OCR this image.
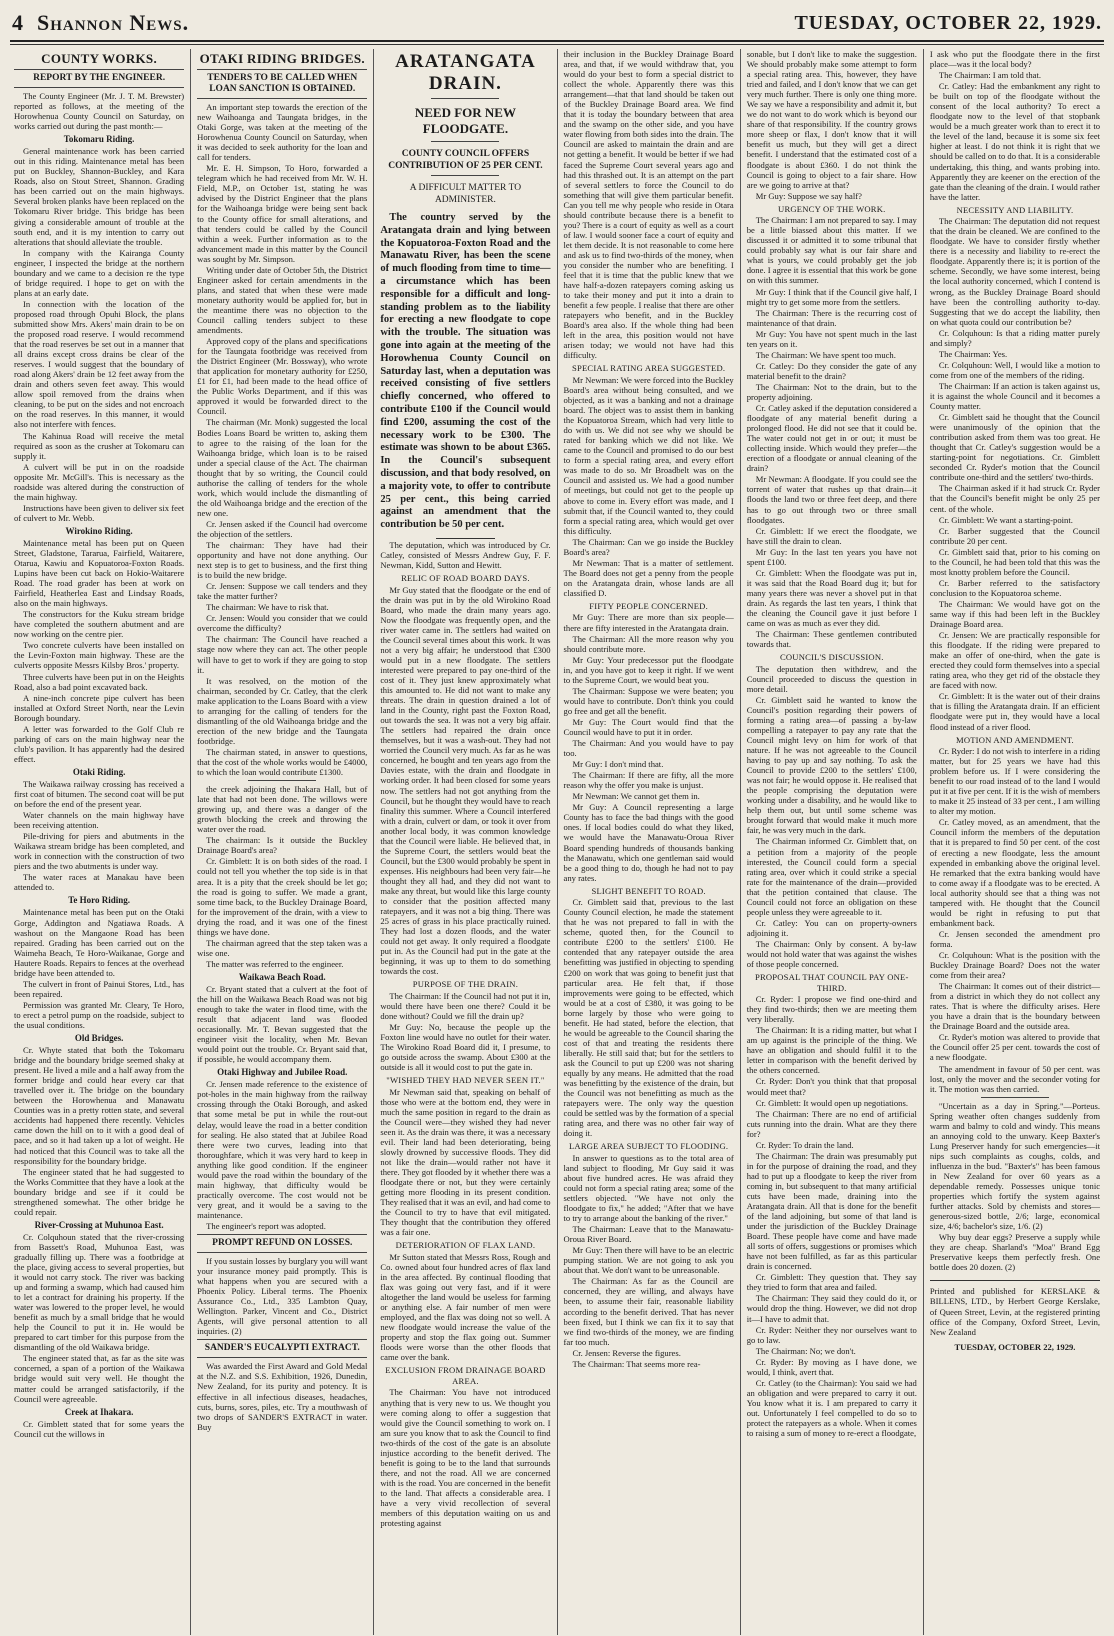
4 Shannon News.	TUESDAY, OCTOBER 22, 1929.
COUNTY WORKS.
REPORT BY THE ENGINEER.

The County Engineer (Mr. J. T. M. Brewster) reported as follows, at the meeting of the Horowhenua County Council on Saturday, on works carried out during the past month:—

Tokomaru Riding.

General maintenance work has been carried out in this riding. Maintenance metal has been put on Buckley, Shannon-Buckley, and Kara Roads, also on Stout Street, Shannon. Grading has been carried out on the main highways. Several broken planks have been replaced on the Tokomaru River bridge. This bridge has been giving a considerable amount of trouble at the south end, and it is my intention to carry out alterations that should alleviate the trouble.

In company with the Kairanga County engineer, I inspected the bridge at the northern boundary and we came to a decision re the type of bridge required. I hope to get on with the plans at an early date.

In connection with the location of the proposed road through Opuhi Block, the plans submitted show Mrs. Akers' main drain to be on the proposed road reserve. I would recommend that the road reserves be set out in a manner that all drains except cross drains be clear of the reserves. I would suggest that the boundary of road along Akers' drain be 12 feet away from the drain and others seven feet away. This would allow spoil removed from the drains when cleaning, to be put on the sides and not encroach on the road reserves. In this manner, it would also not interfere with fences.

The Kahinua Road will receive the metal required as soon as the crusher at Tokomaru can supply it.

A culvert will be put in on the roadside opposite Mr. McGill's. This is necessary as the roadside was altered during the construction of the main highway.

Instructions have been given to deliver six feet of culvert to Mr. Webb.

Wirokino Riding.

Maintenance metal has been put on Queen Street, Gladstone, Tararua, Fairfield, Waitarere, Otarua, Kawiu and Kopuatoroa-Foxton Roads. Lupins have been cut back on Hokio-Waitarere Road. The road grader has been at work on Fairfield, Heatherlea East and Lindsay Roads, also on the main highways.

The constructors for the Kuku stream bridge have completed the southern abutment and are now working on the centre pier.

Two concrete culverts have been installed on the Levin-Foxton main highway. These are the culverts opposite Messrs Kilsby Bros.' property.

Three culverts have been put in on the Heights Road, also a bad point excavated back.

A nine-inch concrete pipe culvert has been installed at Oxford Street North, near the Levin Borough boundary.

A letter was forwarded to the Golf Club re parking of cars on the main highway near the club's pavilion. It has apparently had the desired effect.

Otaki Riding.

The Waikawa railway crossing has received a first coat of bitumen. The second coat will be put on before the end of the present year.

Water channels on the main highway have been receiving attention.

Pile-driving for piers and abutments in the Waikawa stream bridge has been completed, and work in connection with the construction of two piers and the two abutments is under way.

The water races at Manakau have been attended to.

Te Horo Riding.

Maintenance metal has been put on the Otaki Gorge, Addington and Ngatiawa Roads. A washout on the Mangaone Road has been repaired. Grading has been carried out on the Waimeha Beach, Te Horo-Waikanae, Gorge and Hautere Roads. Repairs to fences at the overhead bridge have been attended to.

The culvert in front of Painui Stores, Ltd., has been repaired.

Permission was granted Mr. Cleary, Te Horo, to erect a petrol pump on the roadside, subject to the usual conditions.

Old Bridges.

Cr. Whyte stated that both the Tokomaru bridge and the boundary bridge seemed shaky at present. He lived a mile and a half away from the former bridge and could hear every car that travelled over it. The bridge on the boundary between the Horowhenua and Manawatu Counties was in a pretty rotten state, and several accidents had happened there recently. Vehicles came down the hill on to it with a good deal of pace, and so it had taken up a lot of weight. He had noticed that this Council was to take all the responsibility for the boundary bridge.

The engineer stated that he had suggested to the Works Committee that they have a look at the boundary bridge and see if it could be strengthened somewhat. The other bridge he could repair.

River-Crossing at Muhunoa East.

Cr. Colquhoun stated that the river-crossing from Bassett's Road, Muhunoa East, was gradually filling up. There was a footbridge at the place, giving access to several properties, but it would not carry stock. The river was backing up and forming a swamp, which had caused him to let a contract for draining his property. If the water was lowered to the proper level, he would benefit as much by a small bridge that he would help the Council to put it in. He would be prepared to cart timber for this purpose from the dismantling of the old Waikawa bridge.

The engineer stated that, as far as the site was concerned, a span of a portion of the Waikawa bridge would suit very well. He thought the matter could be arranged satisfactorily, if the Council were agreeable.

Creek at Ihakara.

Cr. Gimblett stated that for some years the Council cut the willows in

OTAKI RIDING BRIDGES.
TENDERS TO BE CALLED WHEN LOAN SANCTION IS OBTAINED.

An important step towards the erection of the new Waihoanga and Taungata bridges, in the Otaki Gorge, was taken at the meeting of the Horowhenua County Council on Saturday, when it was decided to seek authority for the loan and call for tenders.

Mr. E. H. Simpson, To Horo, forwarded a telegram which he had received from Mr. W. H. Field, M.P., on October 1st, stating he was advised by the District Engineer that the plans for the Waihoanga bridge were being sent back to the County office for small alterations, and that tenders could be called by the Council within a week. Further information as to the advancement made in this matter by the Council was sought by Mr. Simpson.

Writing under date of October 5th, the District Engineer asked for certain amendments in the plans, and stated that when these were made monetary authority would be applied for, but in the meantime there was no objection to the Council calling tenders subject to these amendments.

Approved copy of the plans and specifications for the Taungata footbridge was received from the District Engineer (Mr. Bossway), who wrote that application for monetary authority for £250, £1 for £1, had been made to the head office of the Public Works Department, and if this was approved it would be forwarded direct to the Council.

The chairman (Mr. Monk) suggested the local Bodies Loans Board be written to, asking them to agree to the raising of the loan for the Waihoanga bridge, which loan is to be raised under a special clause of the Act. The chairman thought that by so writing, the Council could authorise the calling of tenders for the whole work, which would include the dismantling of the old Waihoanga bridge and the erection of the new one.

Cr. Jensen asked if the Council had overcome the objection of the settlers.

The chairman: They have had their opportunity and have not done anything. Our next step is to get to business, and the first thing is to build the new bridge.

Cr. Jensen: Suppose we call tenders and they take the matter further?

The chairman: We have to risk that.

Cr. Jensen: Would you consider that we could overcome the difficulty?

The chairman: The Council have reached a stage now where they can act. The other people will have to get to work if they are going to stop it.

It was resolved, on the motion of the chairman, seconded by Cr. Catley, that the clerk make application to the Loans Board with a view to arranging for the calling of tenders for the dismantling of the old Waihoanga bridge and the erection of the new bridge and the Taungata footbridge.

The chairman stated, in answer to questions, that the cost of the whole works would be £4000, to which the loan would contribute £1300.

the creek adjoining the Ihakara Hall, but of late that had not been done. The willows were growing up, and there was a danger of the growth blocking the creek and throwing the water over the road.

The chairman: Is it outside the Buckley Drainage Board's area?

Cr. Gimblett: It is on both sides of the road. I could not tell you whether the top side is in that area. It is a pity that the creek should be let go; the road is going to suffer. We made a grant, some time back, to the Buckley Drainage Board, for the improvement of the drain, with a view to drying the road, and it was one of the finest things we have done.

The chairman agreed that the step taken was a wise one.

The matter was referred to the engineer.

Waikawa Beach Road.

Cr. Bryant stated that a culvert at the foot of the hill on the Waikawa Beach Road was not big enough to take the water in flood time, with the result that adjacent land was flooded occasionally. Mr. T. Bevan suggested that the engineer visit the locality, when Mr. Bevan would point out the trouble. Cr. Bryant said that, if possible, he would accompany them.

Otaki Highway and Jubilee Road.

Cr. Jensen made reference to the existence of pot-holes in the main highway from the railway crossing through the Otaki Borough, and asked that some metal be put in while the rout-out delay, would leave the road in a better condition for sealing. He also stated that at Jubilee Road there were two curves, leading into that thoroughfare, which it was very hard to keep in anything like good condition. If the engineer would pave the road within the boundary of the main highway, that difficulty would be practically overcome. The cost would not be very great, and it would be a saving to the maintenance.

The engineer's report was adopted.

PROMPT REFUND ON LOSSES.

If you sustain losses by burglary you will want your insurance money paid promptly. This is what happens when you are secured with a Phoenix Policy. Liberal terms. The Phoenix Assurance Co., Ltd., 335 Lambton Quay, Wellington. Parker, Vincent and Co., District Agents, will give personal attention to all inquiries. (2)

SANDER'S EUCALYPTI EXTRACT.

Was awarded the First Award and Gold Medal at the N.Z. and S.S. Exhibition, 1926, Dunedin, New Zealand, for its purity and potency. It is effective in all infectious diseases, headaches, cuts, burns, sores, piles, etc. Try a mouthwash of two drops of SANDER'S EXTRACT in water. Buy

ARATANGATA DRAIN.
NEED FOR NEW FLOODGATE.
COUNTY COUNCIL OFFERS CONTRIBUTION OF 25 PER CENT.
A DIFFICULT MATTER TO ADMINISTER.

The country served by the Aratangata drain and lying between the Kopuatoroa-Foxton Road and the Manawatu River, has been the scene of much flooding from time to time—a circumstance which has been responsible for a difficult and long-standing problem as to the liability for erecting a new floodgate to cope with the trouble. The situation was gone into again at the meeting of the Horowhenua County Council on Saturday last, when a deputation was received consisting of five settlers chiefly concerned, who offered to contribute £100 if the Council would find £200, assuming the cost of the necessary work to be £300. The estimate was shown to be about £365. In the Council's subsequent discussion, and that body resolved, on a majority vote, to offer to contribute 25 per cent., this being carried against an amendment that the contribution be 50 per cent.

The deputation, which was introduced by Cr. Catley, consisted of Messrs Andrew Guy, F. F. Newman, Kidd, Sutton and Hewitt.

RELIC OF ROAD BOARD DAYS.

Mr Guy stated that the floodgate or the end of the drain was put in by the old Wirokino Road Board, who made the drain many years ago. Now the floodgate was frequently open, and the river water came in. The settlers had waited on the Council several times about this work. It was not a very big affair; he understood that £300 would put in a new floodgate. The settlers interested were prepared to pay one-third of the cost of it. They just knew approximately what this amounted to. He did not want to make any threats. The drain in question drained a lot of land in the County, right past the Foxton Road, out towards the sea. It was not a very big affair. The settlers had repaired the drain once themselves, but it was a wash-out. They had not worried the Council very much. As far as he was concerned, he bought and ten years ago from the Davies estate, with the drain and floodgate in working order. It had been closed for some years now. The settlers had not got anything from the Council, but he thought they would have to reach finality this summer. Where a Council interfered with a drain, culvert or dam, or took it over from another local body, it was common knowledge that the Council were liable. He believed that, in the Supreme Court, the settlers would beat the Council, but the £300 would probably be spent in expenses. His neighbours had been very fair—he thought they all had, and they did not want to make any threat, but would like this large county to consider that the position affected many ratepayers, and it was not a big thing. There was 25 acres of grass in his place practically ruined. They had lost a dozen floods, and the water could not get away. It only required a floodgate put in. As the Council had put in the gate at the beginning, it was up to them to do something towards the cost.

PURPOSE OF THE DRAIN.

The Chairman: If the Council had not put it in, would there have been one there? Could it be done without? Could we fill the drain up?

Mr Guy: No, because the people up the Foxton line would have no outlet for their water. The Wirokino Road Board did it, I presume, to go outside across the swamp. About £300 at the outside is all it would cost to put the gate in.

"WISHED THEY HAD NEVER SEEN IT."

Mr Newman said that, speaking on behalf of those who were at the bottom end, they were in much the same position in regard to the drain as the Council were—they wished they had never seen it. As the drain was there, it was a necessary evil. Their land had been deteriorating, being slowly drowned by successive floods. They did not like the drain—would rather not have it there. They got flooded by it whether there was a floodgate there or not, but they were certainly getting more flooding in its present condition. They realised that it was an evil, and had come to the Council to try to have that evil mitigated. They thought that the contribution they offered was a fair one.

DETERIORATION OF FLAX LAND.

Mr Sutton stated that Messrs Ross, Rough and Co. owned about four hundred acres of flax land in the area affected. By continual flooding that flax was going out very fast, and if it were altogether the land would be useless for farming or anything else. A fair number of men were employed, and the flax was doing not so well. A new floodgate would increase the value of the property and stop the flax going out. Summer floods were worse than the other floods that came over the bank.

EXCLUSION FROM DRAINAGE BOARD AREA.

The Chairman: You have not introduced anything that is very new to us. We thought you were coming along to offer a suggestion that would give the Council something to work on. I am sure you know that to ask the Council to find two-thirds of the cost of the gate is an absolute injustice according to the benefit derived. The benefit is going to be to the land that surrounds there, and not the road. All we are concerned with is the road. You are concerned in the benefit to the land. That affects a considerable area. I have a very vivid recollection of several members of this deputation waiting on us and protesting against

their inclusion in the Buckley Drainage Board area, and that, if we would withdraw that, you would do your best to form a special district to collect the whole. Apparently there was this arrangement—that that land should be taken out of the Buckley Drainage Board area. We find that it is today the boundary between that area and the swamp on the other side, and you have water flowing from both sides into the drain. The Council are asked to maintain the drain and are not getting a benefit. It would be better if we had faced the Supreme Court several years ago and had this thrashed out. It is an attempt on the part of several settlers to force the Council to do something that will give them particular benefit. Can you tell me why people who reside in Otara should contribute because there is a benefit to you? There is a court of equity as well as a court of law. I would sooner face a court of equity and let them decide. It is not reasonable to come here and ask us to find two-thirds of the money, when you consider the number who are benefiting. I feel that it is time that the public knew that we have half-a-dozen ratepayers coming asking us to take their money and put it into a drain to benefit a few people. I realise that there are other ratepayers who benefit, and in the Buckley Board's area also. If the whole thing had been left in the area, this position would not have arisen today; we would not have had this difficulty.

SPECIAL RATING AREA SUGGESTED.

Mr Newman: We were forced into the Buckley Board's area without being consulted, and we objected, as it was a banking and not a drainage board. The object was to assist them in banking the Kopuatoroa Stream, which had very little to do with us. We did not see why we should be rated for banking which we did not like. We came to the Council and promised to do our best to form a special rating area, and every effort was made to do so. Mr Broadbelt was on the Council and assisted us. We had a good number of meetings, but could not get to the people up above to come in. Every effort was made, and I submit that, if the Council wanted to, they could form a special rating area, which would get over this difficulty.

The Chairman: Can we go inside the Buckley Board's area?

Mr Newman: That is a matter of settlement. The Board does not get a penny from the people on the Aratangata drain, whose lands are all classified D.

FIFTY PEOPLE CONCERNED.

Mr Guy: There are more than six people—there are fifty interested in the Aratangata drain.

The Chairman: All the more reason why you should contribute more.

Mr Guy: Your predecessor put the floodgate in, and you have got to keep it right. If we went to the Supreme Court, we would beat you.

The Chairman: Suppose we were beaten; you would have to contribute. Don't think you could go free and get all the benefit.

Mr Guy: The Court would find that the Council would have to put it in order.

The Chairman: And you would have to pay too.

Mr Guy: I don't mind that.

The Chairman: If there are fifty, all the more reason why the offer you make is unjust.

Mr Newman: We cannot get them in.

Mr Guy: A Council representing a large County has to face the bad things with the good ones. If local bodies could do what they liked, we would have the Manawatu-Oroua River Board spending hundreds of thousands banking the Manawatu, which one gentleman said would be a good thing to do, though he had not to pay any rates.

SLIGHT BENEFIT TO ROAD.

Cr. Gimblett said that, previous to the last County Council election, he made the statement that he was not prepared to fall in with the scheme, quoted then, for the Council to contribute £200 to the settlers' £100. He contended that any ratepayer outside the area benefitting was justified in objecting to spending £200 on work that was going to benefit just that particular area. He felt that, if those improvements were going to be effected, which would be at a cost of £380, it was going to be borne largely by those who were going to benefit. He had stated, before the election, that he would be agreeable to the Council sharing the cost of that and treating the residents there liberally. He still said that; but for the settlers to ask the Council to put up £200 was not sharing equally by any means. He admitted that the road was benefitting by the existence of the drain, but the Council was not benefitting as much as the ratepayers were. The only way the question could be settled was by the formation of a special rating area, and there was no other fair way of doing it.

LARGE AREA SUBJECT TO FLOODING.

In answer to questions as to the total area of land subject to flooding, Mr Guy said it was about five hundred acres. He was afraid they could not form a special rating area; some of the settlers objected. "We have not only the floodgate to fix," he added; "After that we have to try to arrange about the banking of the river."

The Chairman: Leave that to the Manawatu-Oroua River Board.

Mr Guy: Then there will have to be an electric pumping station. We are not going to ask you about that. We don't want to be unreasonable.

The Chairman: As far as the Council are concerned, they are willing, and always have been, to assume their fair, reasonable liability according to the benefit derived. That has never been fixed, but I think we can fix it to say that we find two-thirds of the money, we are finding far too much.

Cr. Jensen: Reverse the figures.

The Chairman: That seems more rea-

sonable, but I don't like to make the suggestion. We should probably make some attempt to form a special rating area. This, however, they have tried and failed, and I don't know that we can get very much further. There is only one thing more. We say we have a responsibility and admit it, but we do not want to do work which is beyond our share of that responsibility. If the country grows more sheep or flax, I don't know that it will benefit us much, but they will get a direct benefit. I understand that the estimated cost of a floodgate is about £360. I do not think the Council is going to object to a fair share. How are we going to arrive at that?

Mr Guy: Suppose we say half?

URGENCY OF THE WORK.

The Chairman: I am not prepared to say. I may be a little biassed about this matter. If we discussed it or admitted it to some tribunal that could probably say what is our fair share and what is yours, we could probably get the job done. I agree it is essential that this work be gone on with this summer.

Mr Guy: I think that if the Council give half, I might try to get some more from the settlers.

The Chairman: There is the recurring cost of maintenance of that drain.

Mr Guy: You have not spent much in the last ten years on it.

The Chairman: We have spent too much.

Cr. Catley: Do they consider the gate of any material benefit to the drain?

The Chairman: Not to the drain, but to the property adjoining.

Cr. Catley asked if the deputation considered a floodgate of any material benefit during a prolonged flood. He did not see that it could be. The water could not get in or out; it must be collecting inside. Which would they prefer—the erection of a floodgate or annual cleaning of the drain?

Mr Newman: A floodgate. If you could see the torrent of water that rushes up that drain—it floods the land two or three feet deep, and there has to go out through two or three small floodgates.

Cr. Gimblett: If we erect the floodgate, we have still the drain to clean.

Mr Guy: In the last ten years you have not spent £100.

Cr. Gimblett: When the floodgate was put in, it was said that the Road Board dug it; but for many years there was never a shovel put in that drain. As regards the last ten years, I think that the cleaning the Council gave it just before I came on was as much as ever they did.

The Chairman: These gentlemen contributed towards that.

COUNCIL'S DISCUSSION.

The deputation then withdrew, and the Council proceeded to discuss the question in more detail.

Cr. Gimblett said he wanted to know the Council's position regarding their powers of forming a rating area—of passing a by-law compelling a ratepayer to pay any rate that the Council might levy on him for work of that nature. If he was not agreeable to the Council having to pay up and say nothing. To ask the Council to provide £200 to the settlers' £100, was not fair; he would oppose it. He realised that the people comprising the deputation were working under a disability, and he would like to help them out, but until some scheme was brought forward that would make it much more fair, he was very much in the dark.

The Chairman informed Cr. Gimblett that, on a petition from a majority of the people interested, the Council could form a special rating area, over which it could strike a special rate for the maintenance of the drain—provided that the petition contained that clause. The Council could not force an obligation on these people unless they were agreeable to it.

Cr. Catley: You can on property-owners adjoining it.

The Chairman: Only by consent. A by-law would not hold water that was against the wishes of those people concerned.

PROPOSAL THAT COUNCIL PAY ONE-THIRD.

Cr. Ryder: I propose we find one-third and they find two-thirds; then we are meeting them very liberally.

The Chairman: It is a riding matter, but what I am up against is the principle of the thing. We have an obligation and should fulfil it to the letter in comparison with the benefit derived by the others concerned.

Cr. Ryder: Don't you think that that proposal would meet that?

Cr. Gimblett: It would open up negotiations.

The Chairman: There are no end of artificial cuts running into the drain. What are they there for?

Cr. Ryder: To drain the land.

The Chairman: The drain was presumably put in for the purpose of draining the road, and they had to put up a floodgate to keep the river from coming in, but subsequent to that many artificial cuts have been made, draining into the Aratangata drain. All that is done for the benefit of the land adjoining, but some of that land is under the jurisdiction of the Buckley Drainage Board. These people have come and have made all sorts of offers, suggestions or promises which have not been fulfilled, as far as this particular drain is concerned.

Cr. Gimblett: They question that. They say they tried to form that area and failed.

The Chairman: They said they could do it, or would drop the thing. However, we did not drop it—I have to admit that.

Cr. Ryder: Neither they nor ourselves want to go to law.

The Chairman: No; we don't.

Cr. Ryder: By moving as I have done, we would, I think, avert that.

Cr. Catley (to the Chairman): You said we had an obligation and were prepared to carry it out. You know what it is. I am prepared to carry it out. Unfortunately I feel compelled to do so to protect the ratepayers as a whole. When it comes to raising a sum of money to re-erect a floodgate,

I ask who put the floodgate there in the first place—was it the local body?

The Chairman: I am told that.

Cr. Catley: Had the embankment any right to be built on top of the floodgate without the consent of the local authority? To erect a floodgate now to the level of that stopbank would be a much greater work than to erect it to the level of the land, because it is some six feet higher at least. I do not think it is right that we should be called on to do that. It is a considerable undertaking, this thing, and wants probing into. Apparently they are keener on the erection of the gate than the cleaning of the drain. I would rather have the latter.

NECESSITY AND LIABILITY.

The Chairman: The deputation did not request that the drain be cleaned. We are confined to the floodgate. We have to consider firstly whether there is a necessity and liability to re-erect the floodgate. Apparently there is; it is portion of the scheme. Secondly, we have some interest, being the local authority concerned, which I contend is wrong, as the Buckley Drainage Board should have been the controlling authority to-day. Suggesting that we do accept the liability, then on what quota could our contribution be?

Cr. Colquhoun: Is that a riding matter purely and simply?

The Chairman: Yes.

Cr. Colquhoun: Well, I would like a motion to come from one of the members of the riding.

The Chairman: If an action is taken against us, it is against the whole Council and it becomes a County matter.

Cr. Gimblett said he thought that the Council were unanimously of the opinion that the contribution asked from them was too great. He thought that Cr. Catley's suggestion would be a starting-point for negotiations. Cr. Gimblett seconded Cr. Ryder's motion that the Council contribute one-third and the settlers' two-thirds.

The Chairman asked if it had struck Cr. Ryder that the Council's benefit might be only 25 per cent. of the whole.

Cr. Gimblett: We want a starting-point.

Cr. Barber suggested that the Council contribute 20 per cent.

Cr. Gimblett said that, prior to his coming on to the Council, he had been told that this was the most knotty problem before the Council.

Cr. Barber referred to the satisfactory conclusion to the Kopuatoroa scheme.

The Chairman: We would have got on the same way if this had been left in the Buckley Drainage Board area.

Cr. Jensen: We are practically responsible for this floodgate. If the riding were prepared to make an offer of one-third, when the gate is erected they could form themselves into a special rating area, who they get rid of the obstacle they are faced with now.

Cr. Gimblett: It is the water out of their drains that is filling the Aratangata drain. If an efficient floodgate were put in, they would have a local flood instead of a river flood.

MOTION AND AMENDMENT.

Cr. Ryder: I do not wish to interfere in a riding matter, but for 25 years we have had this problem before us. If I were considering the benefit to our road instead of to the land I would put it at five per cent. If it is the wish of members to make it 25 instead of 33 per cent., I am willing to alter my motion.

Cr. Catley moved, as an amendment, that the Council inform the members of the deputation that it is prepared to find 50 per cent. of the cost of erecting a new floodgate, less the amount expended in embanking above the original level. He remarked that the extra banking would have to come away if a floodgate was to be erected. A local authority should see that a thing was not tampered with. He thought that the Council would be right in refusing to put that embankment back.

Cr. Jensen seconded the amendment pro forma.

Cr. Colquhoun: What is the position with the Buckley Drainage Board? Does not the water come from their area?

The Chairman: It comes out of their district—from a district in which they do not collect any rates. That is where the difficulty arises. Here you have a drain that is the boundary between the Drainage Board and the outside area.

Cr. Ryder's motion was altered to provide that the Council offer 25 per cent. towards the cost of a new floodgate.

The amendment in favour of 50 per cent. was lost, only the mover and the seconder voting for it. The motion was then carried.

"Uncertain as a day in Spring."—Porteus. Spring weather often changes suddenly from warm and balmy to cold and windy. This means an annoying cold to the unwary. Keep Baxter's Lung Preserver handy for such emergencies—it nips such complaints as coughs, colds, and influenza in the bud. "Baxter's" has been famous in New Zealand for over 60 years as a dependable remedy. Possesses unique tonic properties which fortify the system against further attacks. Sold by chemists and stores—generous-sized bottle, 2/6; large, economical size, 4/6; bachelor's size, 1/6. (2)

Why buy dear eggs? Preserve a supply while they are cheap. Sharland's "Moa" Brand Egg Preservative keeps them perfectly fresh. One bottle does 20 dozen. (2)

Printed and published for KERSLAKE & BILLENS, LTD., by Herbert George Kerslake, of Queen Street, Levin, at the registered printing office of the Company, Oxford Street, Levin, New Zealand

TUESDAY, OCTOBER 22, 1929.
